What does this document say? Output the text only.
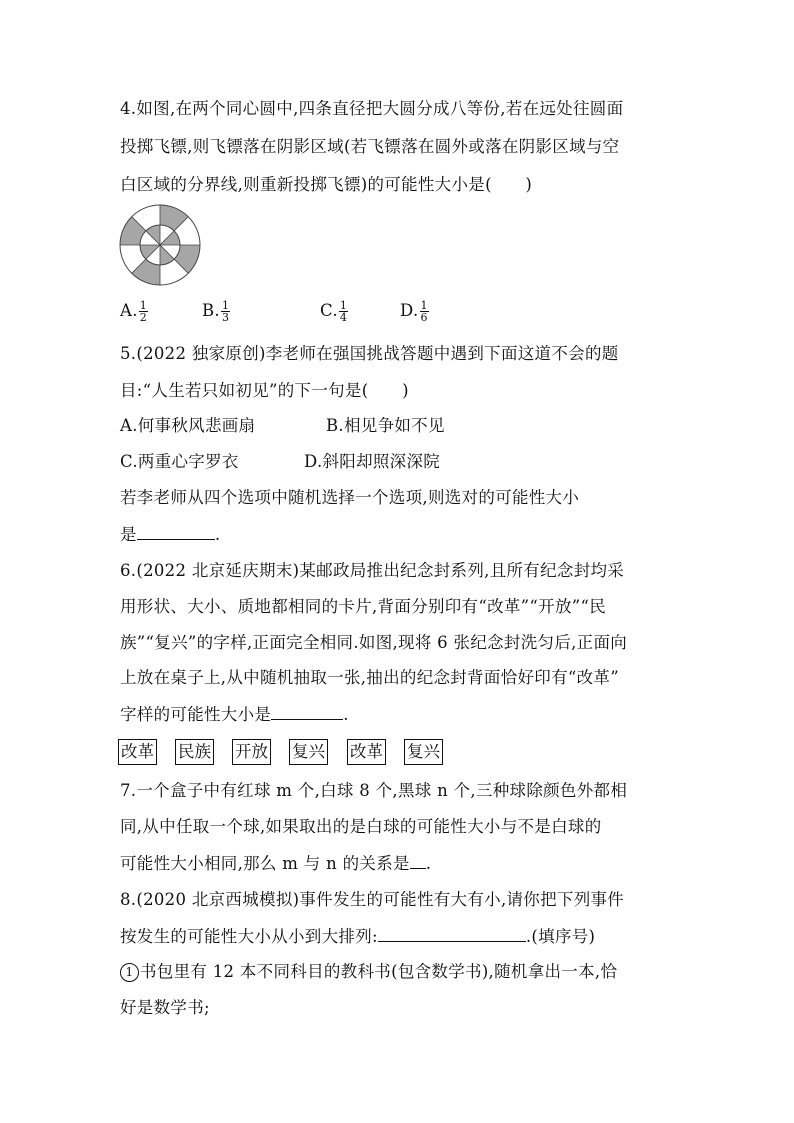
4.如图,在两个同心圆中,四条直径把大圆分成八等份,若在远处往圆面
投掷飞镖,则飞镖落在阴影区域(若飞镖落在圆外或落在阴影区域与空
白区域的分界线,则重新投掷飞镖)的可能性大小是(　　)
A. $\frac{1}{2}$	B. $\frac{1}{3}$	C. $\frac{1}{4}$	D. $\frac{1}{6}$
5.(2022 独家原创)李老师在强国挑战答题中遇到下面这道不会的题
目:“人生若只如初见”的下一句是(　　)
A.何事秋风悲画扇	B.相见争如不见
C.两重心字罗衣	D.斜阳却照深深院
若李老师从四个选项中随机选择一个选项,则选对的可能性大小
是	.
6.(2022 北京延庆期末)某邮政局推出纪念封系列,且所有纪念封均采
用形状、大小、质地都相同的卡片,背面分别印有“改革”“开放”“民
族”“复兴”的字样,正面完全相同.如图,现将 6 张纪念封洗匀后,正面向
上放在桌子上,从中随机抽取一张,抽出的纪念封背面恰好印有“改革”
字样的可能性大小是	.
改革 民族 开放 复兴 改革 复兴
7.一个盒子中有红球 m 个,白球 8 个,黑球 n 个,三种球除颜色外都相
同,从中任取一个球,如果取出的是白球的可能性大小与不是白球的
可能性大小相同,那么 m 与 n 的关系是 .
8.(2020 北京西城模拟)事件发生的可能性有大有小,请你把下列事件
按发生的可能性大小从小到大排列:	.(填序号)
1 书包里有 12 本不同科目的教科书(包含数学书),随机拿出一本,恰
好是数学书;
